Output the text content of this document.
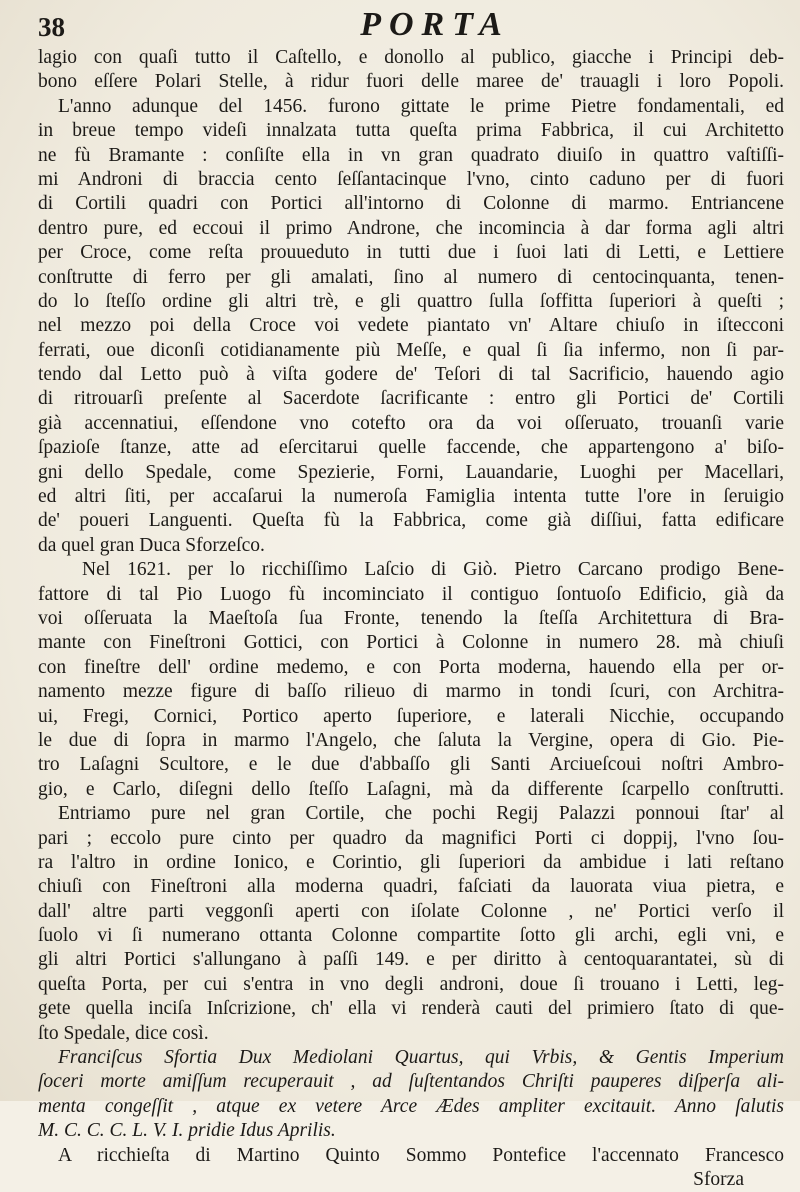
38	PORTA
lagio con quaſi tutto il Caſtello, e donollo al publico, giacche i Principi deb-
bono eſſere Polari Stelle, à ridur fuori delle maree de' trauagli i loro Popoli.
L'anno adunque del 1456. furono gittate le prime Pietre fondamentali, ed
in breue tempo videſi innalzata tutta queſta prima Fabbrica, il cui Architetto
ne fù Bramante : conſiſte ella in vn gran quadrato diuiſo in quattro vaſtiſſi-
mi Androni di braccia cento ſeſſantacinque l'vno, cinto caduno per di fuori
di Cortili quadri con Portici all'intorno di Colonne di marmo. Entriancene
dentro pure, ed eccoui il primo Androne, che incomincia à dar forma agli altri
per Croce, come reſta prouueduto in tutti due i ſuoi lati di Letti, e Lettiere
conſtrutte di ferro per gli amalati, ſino al numero di centocinquanta, tenen-
do lo ſteſſo ordine gli altri trè, e gli quattro ſulla ſoffitta ſuperiori à queſti ;
nel mezzo poi della Croce voi vedete piantato vn' Altare chiuſo in iſtecconi
ferrati, oue diconſi cotidianamente più Meſſe, e qual ſi ſia infermo, non ſi par-
tendo dal Letto può à viſta godere de' Teſori di tal Sacrificio, hauendo agio
di ritrouarſi preſente al Sacerdote ſacrificante : entro gli Portici de' Cortili
già accennatiui, eſſendone vno cotefto ora da voi oſſeruato, trouanſi varie
ſpazioſe ſtanze, atte ad eſercitarui quelle faccende, che appartengono a' biſo-
gni dello Spedale, come Spezierie, Forni, Lauandarie, Luoghi per Macellari,
ed altri ſiti, per accaſarui la numeroſa Famiglia intenta tutte l'ore in ſeruigio
de' poueri Languenti. Queſta fù la Fabbrica, come già diſſiui, fatta edificare
da quel gran Duca Sforzeſco.
Nel 1621. per lo ricchiſſimo Laſcio di Giò. Pietro Carcano prodigo Bene-
fattore di tal Pio Luogo fù incominciato il contiguo ſontuoſo Edificio, già da
voi oſſeruata la Maeſtoſa ſua Fronte, tenendo la ſteſſa Architettura di Bra-
mante con Fineſtroni Gottici, con Portici à Colonne in numero 28. mà chiuſi
con fineſtre dell' ordine medemo, e con Porta moderna, hauendo ella per or-
namento mezze figure di baſſo rilieuo di marmo in tondi ſcuri, con Architra-
ui, Fregi, Cornici, Portico aperto ſuperiore, e laterali Nicchie, occupando
le due di ſopra in marmo l'Angelo, che ſaluta la Vergine, opera di Gio. Pie-
tro Laſagni Scultore, e le due d'abbaſſo gli Santi Arciueſcoui noſtri Ambro-
gio, e Carlo, diſegni dello ſteſſo Laſagni, mà da differente ſcarpello conſtrutti.
Entriamo pure nel gran Cortile, che pochi Regij Palazzi ponnoui ſtar' al
pari ; eccolo pure cinto per quadro da magnifici Porti ci doppij, l'vno ſou-
ra l'altro in ordine Ionico, e Corintio, gli ſuperiori da ambidue i lati reſtano
chiuſi con Fineſtroni alla moderna quadri, faſciati da lauorata viua pietra, e
dall' altre parti veggonſi aperti con iſolate Colonne , ne' Portici verſo il
ſuolo vi ſi numerano ottanta Colonne compartite ſotto gli archi, egli vni, e
gli altri Portici s'allungano à paſſi 149. e per diritto à centoquarantatei, sù di
queſta Porta, per cui s'entra in vno degli androni, doue ſi trouano i Letti, leg-
gete quella inciſa Inſcrizione, ch' ella vi renderà cauti del primiero ſtato di que-
ſto Spedale, dice così.
Franciſcus Sfortia Dux Mediolani Quartus, qui Vrbis, & Gentis Imperium
ſoceri morte amiſſum recuperauit , ad ſuſtentandos Chriſti pauperes diſperſa ali-
menta congeſſit , atque ex vetere Arce Ædes ampliter excitauit. Anno ſalutis
M. C. C. C. L. V. I. pridie Idus Aprilis.
A ricchieſta di Martino Quinto Sommo Pontefice l'accennato Francesco
Sforza
